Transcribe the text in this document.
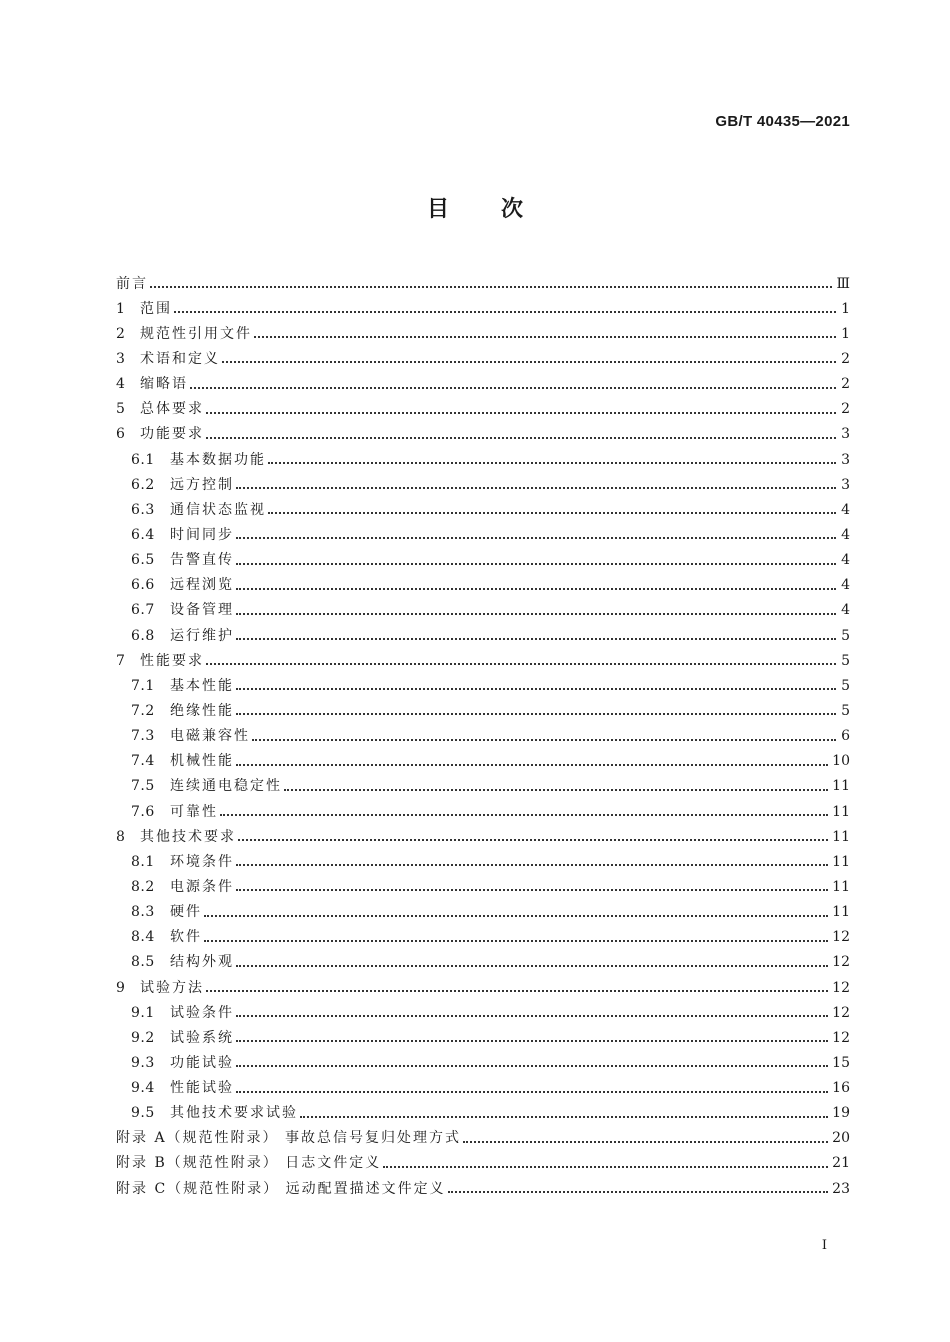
GB/T 40435—2021
目次
前言	Ⅲ
1	范围	1
2	规范性引用文件	1
3	术语和定义	2
4	缩略语	2
5	总体要求	2
6	功能要求	3
6.1	基本数据功能	3
6.2	远方控制	3
6.3	通信状态监视	4
6.4	时间同步	4
6.5	告警直传	4
6.6	远程浏览	4
6.7	设备管理	4
6.8	运行维护	5
7	性能要求	5
7.1	基本性能	5
7.2	绝缘性能	5
7.3	电磁兼容性	6
7.4	机械性能	10
7.5	连续通电稳定性	11
7.6	可靠性	11
8	其他技术要求	11
8.1	环境条件	11
8.2	电源条件	11
8.3	硬件	11
8.4	软件	12
8.5	结构外观	12
9	试验方法	12
9.1	试验条件	12
9.2	试验系统	12
9.3	功能试验	15
9.4	性能试验	16
9.5	其他技术要求试验	19
附录 A（规范性附录） 事故总信号复归处理方式	20
附录 B（规范性附录） 日志文件定义	21
附录 C（规范性附录） 远动配置描述文件定义	23
I
